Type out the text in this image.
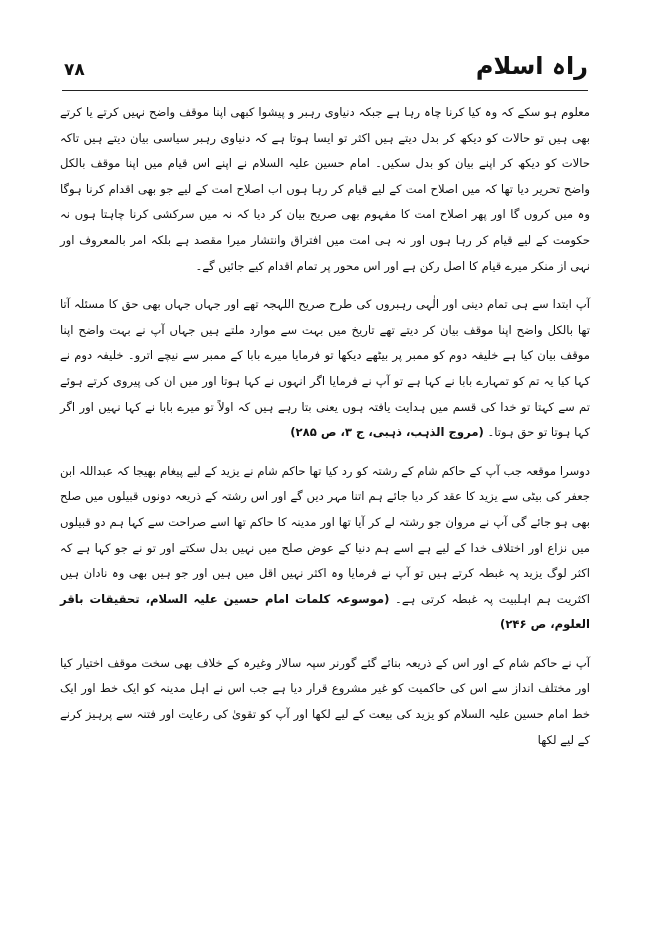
۷۸	راہ اسلام

معلوم ہو سکے کہ وہ کیا کرنا چاہ رہا ہے جبکہ دنیاوی رہبر و پیشوا کبھی اپنا موقف واضح نہیں کرتے یا کرتے بھی ہیں تو حالات کو دیکھ کر بدل دیتے ہیں اکثر تو ایسا ہوتا ہے کہ دنیاوی رہبر سیاسی بیان دیتے ہیں تاکہ حالات کو دیکھ کر اپنے بیان کو بدل سکیں۔ امام حسین علیہ السلام نے اپنے اس قیام میں اپنا موقف بالکل واضح تحریر دیا تھا کہ میں اصلاح امت کے لیے قیام کر رہا ہوں اب اصلاح امت کے لیے جو بھی اقدام کرنا ہوگا وہ میں کروں گا اور پھر اصلاح امت کا مفہوم بھی صریح بیان کر دیا کہ نہ میں سرکشی کرنا چاہتا ہوں نہ حکومت کے لیے قیام کر رہا ہوں اور نہ ہی امت میں افتراق وانتشار میرا مقصد ہے بلکہ امر بالمعروف اور نہی از منکر میرے قیام کا اصل رکن ہے اور اس محور پر تمام اقدام کیے جائیں گے۔

آپ ابتدا سے ہی تمام دینی اور الٰہی رہبروں کی طرح صریح اللہجہ تھے اور جہاں جہاں بھی حق کا مسئلہ آتا تھا بالکل واضح اپنا موقف بیان کر دیتے تھے تاریخ میں بہت سے موارد ملتے ہیں جہاں آپ نے بہت واضح اپنا موقف بیان کیا ہے خلیفہ دوم کو ممبر پر بیٹھے دیکھا تو فرمایا میرے بابا کے ممبر سے نیچے اترو۔ خلیفہ دوم نے کہا کیا یہ تم کو تمہارے بابا نے کہا ہے تو آپ نے فرمایا اگر انہوں نے کہا ہوتا اور میں ان کی پیروی کرتے ہوئے تم سے کہتا تو خدا کی قسم میں ہدایت یافتہ ہوں یعنی بتا رہے ہیں کہ اولاً تو میرے بابا نے کہا نہیں اور اگر کہا ہوتا تو حق ہوتا۔ (مروج الذہب، ذہبی، ج ۳، ص ۲۸۵)

دوسرا موقعہ جب آپ کے حاکم شام کے رشتہ کو رد کیا تھا حاکم شام نے یزید کے لیے پیغام بھیجا کہ عبداللہ ابن جعفر کی بیٹی سے یزید کا عقد کر دیا جائے ہم اتنا مہر دیں گے اور اس رشتہ کے ذریعہ دونوں قبیلوں میں صلح بھی ہو جائے گی آپ نے مروان جو رشتہ لے کر آیا تھا اور مدینہ کا حاکم تھا اسے صراحت سے کہا ہم دو قبیلوں میں نزاع اور اختلاف خدا کے لیے ہے اسے ہم دنیا کے عوض صلح میں نہیں بدل سکتے اور تو نے جو کہا ہے کہ اکثر لوگ یزید پہ غبطہ کرتے ہیں تو آپ نے فرمایا وہ اکثر نہیں اقل میں ہیں اور جو ہیں بھی وہ نادان ہیں اکثریت ہم اہلبیت پہ غبطہ کرتی ہے۔ (موسوعہ کلمات امام حسین علیہ السلام، تحقیقات باقر العلوم، ص ۲۴۶)

آپ نے حاکم شام کے اور اس کے ذریعہ بنائے گئے گورنر سپہ سالار وغیرہ کے خلاف بھی سخت موقف اختیار کیا اور مختلف انداز سے اس کی حاکمیت کو غیر مشروع قرار دیا ہے جب اس نے اہل مدینہ کو ایک خط اور ایک خط امام حسین علیہ السلام کو یزید کی بیعت کے لیے لکھا اور آپ کو تقویٰ کی رعایت اور فتنہ سے پرہیز کرنے کے لیے لکھا
